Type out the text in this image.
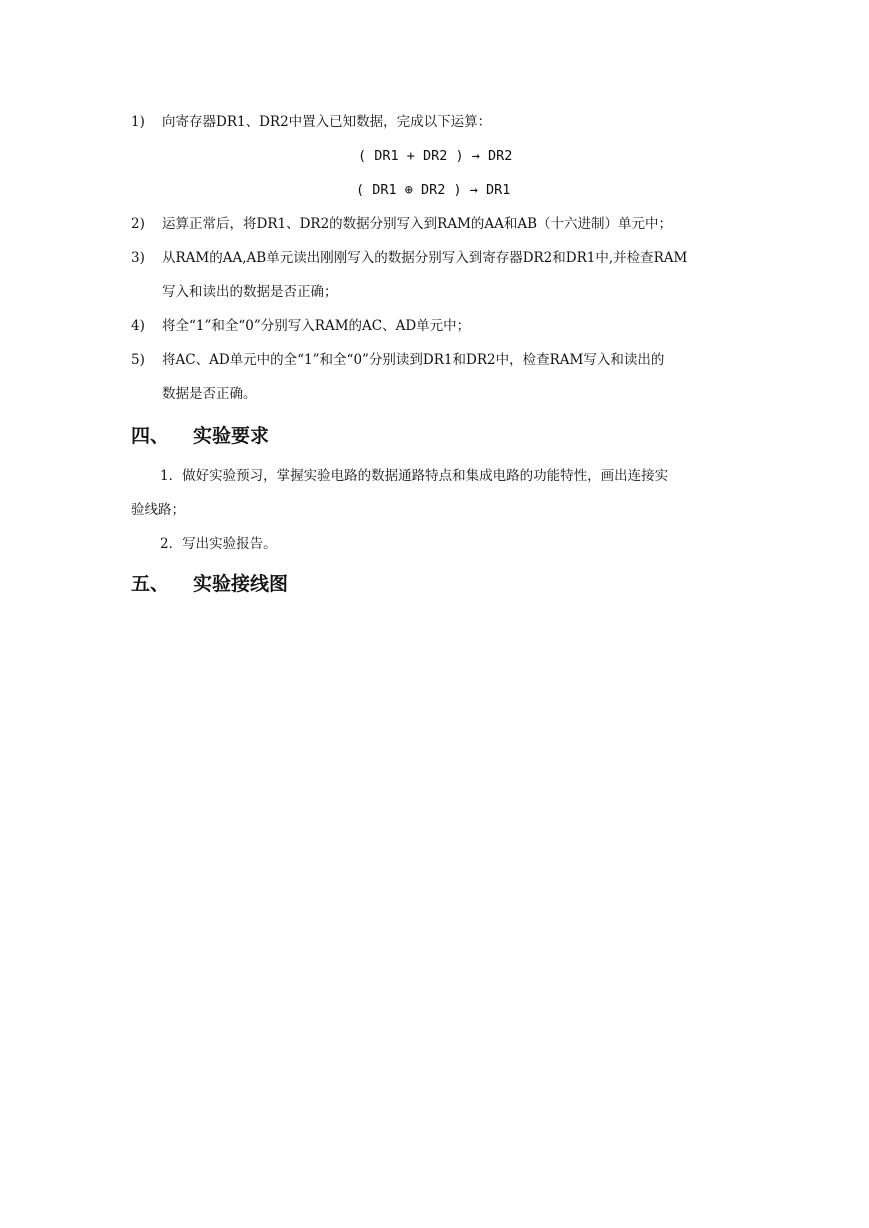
1) 向寄存器DR1、DR2中置入已知数据，完成以下运算：
( DR1 + DR2 ) → DR2
( DR1 ⊕ DR2 ) → DR1
2) 运算正常后，将DR1、DR2的数据分别写入到RAM的AA和AB（十六进制）单元中；
3) 从RAM的AA,AB单元读出刚刚写入的数据分别写入到寄存器DR2和DR1中,并检查RAM
写入和读出的数据是否正确；
4) 将全“1”和全“0”分别写入RAM的AC、AD单元中；
5) 将AC、AD单元中的全“1”和全“0”分别读到DR1和DR2中，检查RAM写入和读出的
数据是否正确。
四、 实验要求
1．做好实验预习，掌握实验电路的数据通路特点和集成电路的功能特性，画出连接实
验线路；
2．写出实验报告。
五、 实验接线图
